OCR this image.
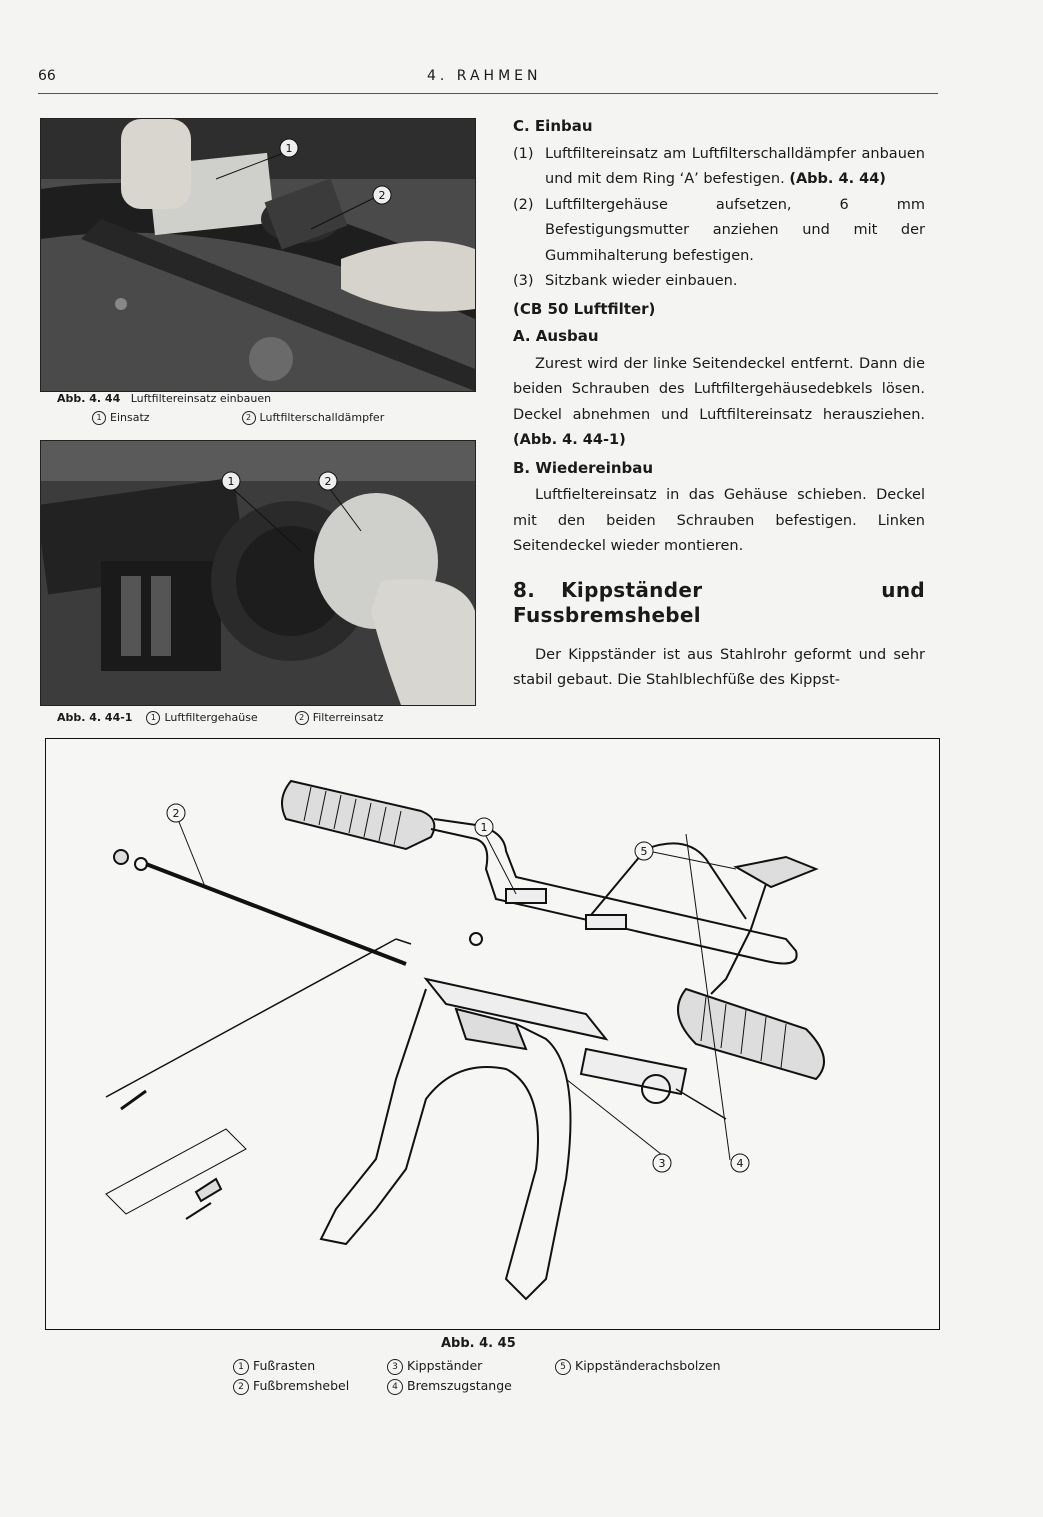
66	4. RAHMEN
1
2
Abb. 4. 44 Luftfiltereinsatz einbauen
1 Einsatz	2 Luftfilterschalldämpfer
1	2
Abb. 4. 44-1 1 Luftfiltergehaüse	2 Filterreinsatz

C. Einbau

(1) Luftfiltereinsatz am Luftfilterschalldämpfer anbauen und mit dem Ring ‘A’ befestigen. (Abb. 4. 44)

(2) Luftfiltergehäuse aufsetzen, 6 mm Befestigungsmutter anziehen und mit der Gummihalterung befestigen.

(3) Sitzbank wieder einbauen.

(CB 50 Luftfilter)

A. Ausbau

Zurest wird der linke Seitendeckel entfernt. Dann die beiden Schrauben des Luftfiltergehäusedebkels lösen. Deckel abnehmen und Luftfiltereinsatz herausziehen. (Abb. 4. 44-1)

B. Wiedereinbau

Luftfieltereinsatz in das Gehäuse schieben. Deckel mit den beiden Schrauben befestigen. Linken Seitendeckel wieder montieren.

8. Kippständer und Fussbremshebel

Der Kippständer ist aus Stahlrohr geformt und sehr stabil gebaut. Die Stahlblechfüße des Kippst-

1
2
3	4
5
Abb. 4. 45
1 Fußrasten
2 Fußbremshebel
3 Kippständer
4 Bremszugstange
5 Kippständerachsbolzen
